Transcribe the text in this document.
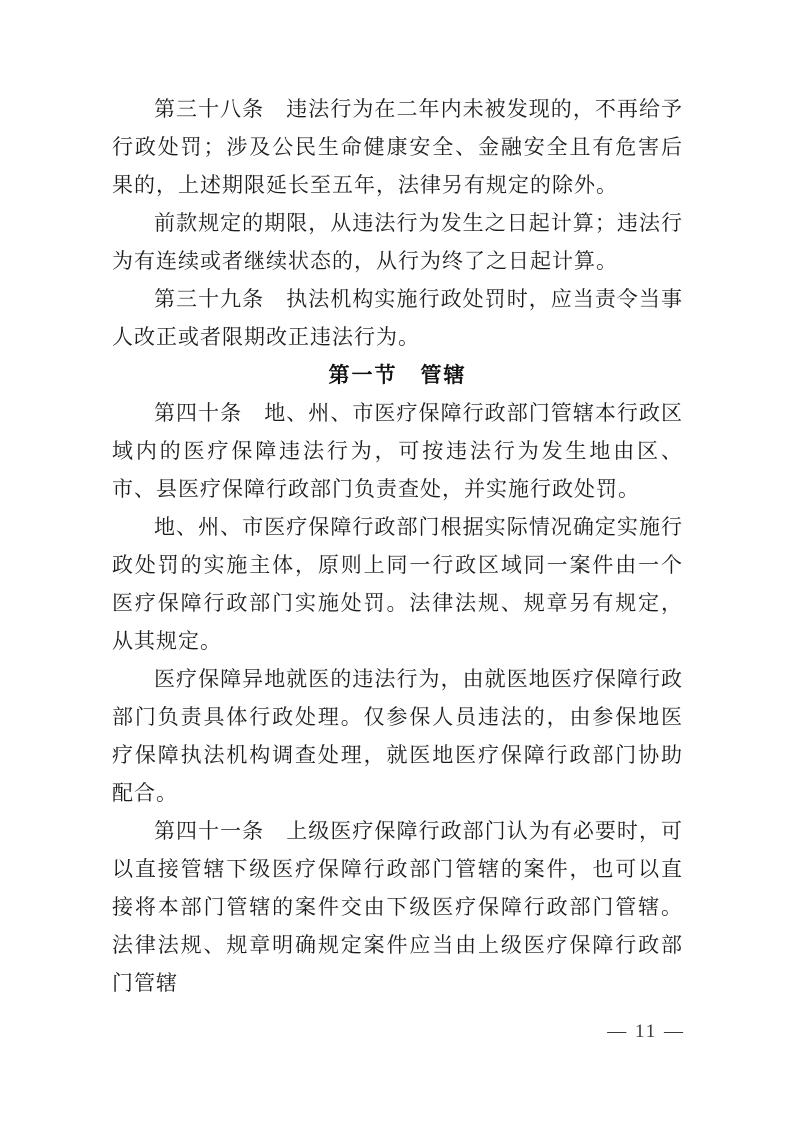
第三十八条　违法行为在二年内未被发现的，不再给予行政处罚；涉及公民生命健康安全、金融安全且有危害后果的，上述期限延长至五年，法律另有规定的除外。

前款规定的期限，从违法行为发生之日起计算；违法行为有连续或者继续状态的，从行为终了之日起计算。

第三十九条　执法机构实施行政处罚时，应当责令当事人改正或者限期改正违法行为。

第一节　管辖

第四十条　地、州、市医疗保障行政部门管辖本行政区域内的医疗保障违法行为，可按违法行为发生地由区、市、县医疗保障行政部门负责查处，并实施行政处罚。

地、州、市医疗保障行政部门根据实际情况确定实施行政处罚的实施主体，原则上同一行政区域同一案件由一个医疗保障行政部门实施处罚。法律法规、规章另有规定，从其规定。

医疗保障异地就医的违法行为，由就医地医疗保障行政部门负责具体行政处理。仅参保人员违法的，由参保地医疗保障执法机构调查处理，就医地医疗保障行政部门协助配合。

第四十一条　上级医疗保障行政部门认为有必要时，可以直接管辖下级医疗保障行政部门管辖的案件，也可以直接将本部门管辖的案件交由下级医疗保障行政部门管辖。法律法规、规章明确规定案件应当由上级医疗保障行政部门管辖

— 11 —
